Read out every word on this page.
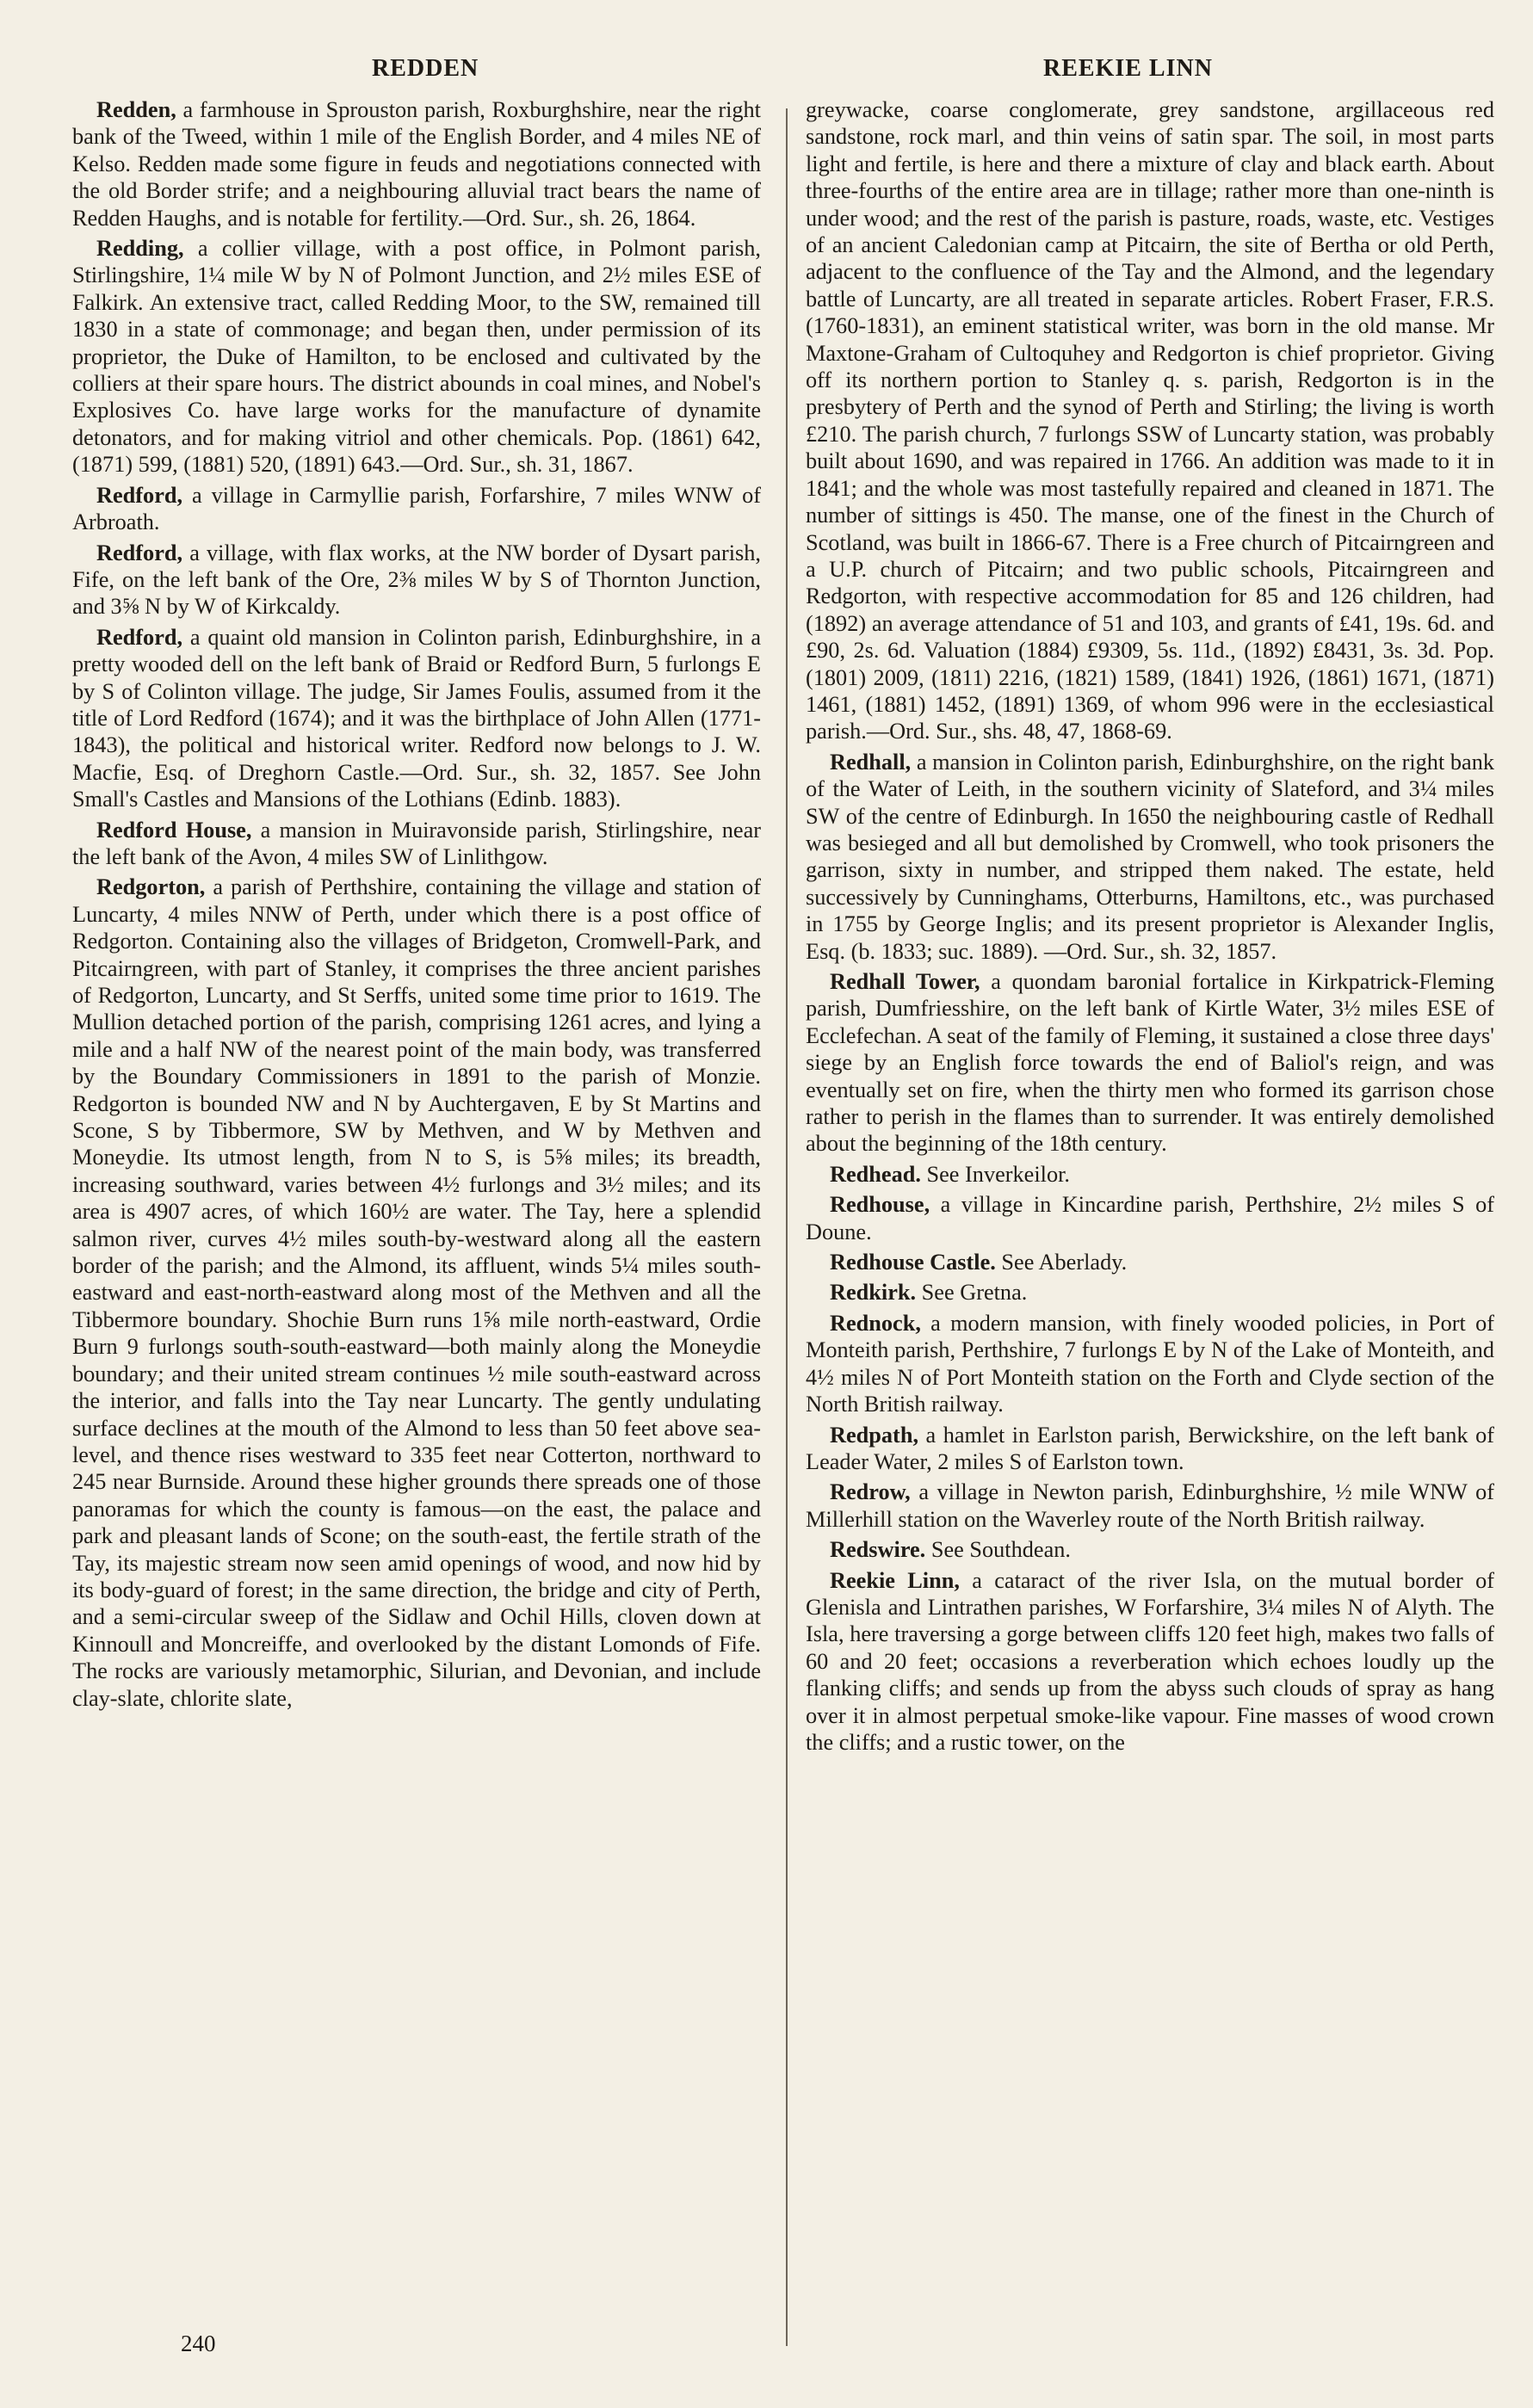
REDDEN	REEKIE LINN

Redden, a farmhouse in Sprouston parish, Roxburghshire, near the right bank of the Tweed, within 1 mile of the English Border, and 4 miles NE of Kelso. Redden made some figure in feuds and negotiations connected with the old Border strife; and a neighbouring alluvial tract bears the name of Redden Haughs, and is notable for fertility.—Ord. Sur., sh. 26, 1864.

Redding, a collier village, with a post office, in Polmont parish, Stirlingshire, 1¼ mile W by N of Polmont Junction, and 2½ miles ESE of Falkirk. An extensive tract, called Redding Moor, to the SW, remained till 1830 in a state of commonage; and began then, under permission of its proprietor, the Duke of Hamilton, to be enclosed and cultivated by the colliers at their spare hours. The district abounds in coal mines, and Nobel's Explosives Co. have large works for the manufacture of dynamite detonators, and for making vitriol and other chemicals. Pop. (1861) 642, (1871) 599, (1881) 520, (1891) 643.—Ord. Sur., sh. 31, 1867.

Redford, a village in Carmyllie parish, Forfarshire, 7 miles WNW of Arbroath.

Redford, a village, with flax works, at the NW border of Dysart parish, Fife, on the left bank of the Ore, 2⅜ miles W by S of Thornton Junction, and 3⅝ N by W of Kirkcaldy.

Redford, a quaint old mansion in Colinton parish, Edinburghshire, in a pretty wooded dell on the left bank of Braid or Redford Burn, 5 furlongs E by S of Colinton village. The judge, Sir James Foulis, assumed from it the title of Lord Redford (1674); and it was the birthplace of John Allen (1771-1843), the political and historical writer. Redford now belongs to J. W. Macfie, Esq. of Dreghorn Castle.—Ord. Sur., sh. 32, 1857. See John Small's Castles and Mansions of the Lothians (Edinb. 1883).

Redford House, a mansion in Muiravonside parish, Stirlingshire, near the left bank of the Avon, 4 miles SW of Linlithgow.

Redgorton, a parish of Perthshire, containing the village and station of Luncarty, 4 miles NNW of Perth, under which there is a post office of Redgorton. Containing also the villages of Bridgeton, Cromwell-Park, and Pitcairngreen, with part of Stanley, it comprises the three ancient parishes of Redgorton, Luncarty, and St Serffs, united some time prior to 1619. The Mullion detached portion of the parish, comprising 1261 acres, and lying a mile and a half NW of the nearest point of the main body, was transferred by the Boundary Commissioners in 1891 to the parish of Monzie. Redgorton is bounded NW and N by Auchtergaven, E by St Martins and Scone, S by Tibbermore, SW by Methven, and W by Methven and Moneydie. Its utmost length, from N to S, is 5⅝ miles; its breadth, increasing southward, varies between 4½ furlongs and 3½ miles; and its area is 4907 acres, of which 160½ are water. The Tay, here a splendid salmon river, curves 4½ miles south-by-westward along all the eastern border of the parish; and the Almond, its affluent, winds 5¼ miles south-eastward and east-north-eastward along most of the Methven and all the Tibbermore boundary. Shochie Burn runs 1⅝ mile north-eastward, Ordie Burn 9 furlongs south-south-eastward—both mainly along the Moneydie boundary; and their united stream continues ½ mile south-eastward across the interior, and falls into the Tay near Luncarty. The gently undulating surface declines at the mouth of the Almond to less than 50 feet above sea-level, and thence rises westward to 335 feet near Cotterton, northward to 245 near Burnside. Around these higher grounds there spreads one of those panoramas for which the county is famous—on the east, the palace and park and pleasant lands of Scone; on the south-east, the fertile strath of the Tay, its majestic stream now seen amid openings of wood, and now hid by its body-guard of forest; in the same direction, the bridge and city of Perth, and a semi-circular sweep of the Sidlaw and Ochil Hills, cloven down at Kinnoull and Moncreiffe, and overlooked by the distant Lomonds of Fife. The rocks are variously metamorphic, Silurian, and Devonian, and include clay-slate, chlorite slate,

greywacke, coarse conglomerate, grey sandstone, argillaceous red sandstone, rock marl, and thin veins of satin spar. The soil, in most parts light and fertile, is here and there a mixture of clay and black earth. About three-fourths of the entire area are in tillage; rather more than one-ninth is under wood; and the rest of the parish is pasture, roads, waste, etc. Vestiges of an ancient Caledonian camp at Pitcairn, the site of Bertha or old Perth, adjacent to the confluence of the Tay and the Almond, and the legendary battle of Luncarty, are all treated in separate articles. Robert Fraser, F.R.S. (1760-1831), an eminent statistical writer, was born in the old manse. Mr Maxtone-Graham of Cultoquhey and Redgorton is chief proprietor. Giving off its northern portion to Stanley q. s. parish, Redgorton is in the presbytery of Perth and the synod of Perth and Stirling; the living is worth £210. The parish church, 7 furlongs SSW of Luncarty station, was probably built about 1690, and was repaired in 1766. An addition was made to it in 1841; and the whole was most tastefully repaired and cleaned in 1871. The number of sittings is 450. The manse, one of the finest in the Church of Scotland, was built in 1866-67. There is a Free church of Pitcairngreen and a U.P. church of Pitcairn; and two public schools, Pitcairngreen and Redgorton, with respective accommodation for 85 and 126 children, had (1892) an average attendance of 51 and 103, and grants of £41, 19s. 6d. and £90, 2s. 6d. Valuation (1884) £9309, 5s. 11d., (1892) £8431, 3s. 3d. Pop. (1801) 2009, (1811) 2216, (1821) 1589, (1841) 1926, (1861) 1671, (1871) 1461, (1881) 1452, (1891) 1369, of whom 996 were in the ecclesiastical parish.—Ord. Sur., shs. 48, 47, 1868-69.

Redhall, a mansion in Colinton parish, Edinburghshire, on the right bank of the Water of Leith, in the southern vicinity of Slateford, and 3¼ miles SW of the centre of Edinburgh. In 1650 the neighbouring castle of Redhall was besieged and all but demolished by Cromwell, who took prisoners the garrison, sixty in number, and stripped them naked. The estate, held successively by Cunninghams, Otterburns, Hamiltons, etc., was purchased in 1755 by George Inglis; and its present proprietor is Alexander Inglis, Esq. (b. 1833; suc. 1889). —Ord. Sur., sh. 32, 1857.

Redhall Tower, a quondam baronial fortalice in Kirkpatrick-Fleming parish, Dumfriesshire, on the left bank of Kirtle Water, 3½ miles ESE of Ecclefechan. A seat of the family of Fleming, it sustained a close three days' siege by an English force towards the end of Baliol's reign, and was eventually set on fire, when the thirty men who formed its garrison chose rather to perish in the flames than to surrender. It was entirely demolished about the beginning of the 18th century.

Redhead. See Inverkeilor.

Redhouse, a village in Kincardine parish, Perthshire, 2½ miles S of Doune.

Redhouse Castle. See Aberlady.

Redkirk. See Gretna.

Rednock, a modern mansion, with finely wooded policies, in Port of Monteith parish, Perthshire, 7 furlongs E by N of the Lake of Monteith, and 4½ miles N of Port Monteith station on the Forth and Clyde section of the North British railway.

Redpath, a hamlet in Earlston parish, Berwickshire, on the left bank of Leader Water, 2 miles S of Earlston town.

Redrow, a village in Newton parish, Edinburghshire, ½ mile WNW of Millerhill station on the Waverley route of the North British railway.

Redswire. See Southdean.

Reekie Linn, a cataract of the river Isla, on the mutual border of Glenisla and Lintrathen parishes, W Forfarshire, 3¼ miles N of Alyth. The Isla, here traversing a gorge between cliffs 120 feet high, makes two falls of 60 and 20 feet; occasions a reverberation which echoes loudly up the flanking cliffs; and sends up from the abyss such clouds of spray as hang over it in almost perpetual smoke-like vapour. Fine masses of wood crown the cliffs; and a rustic tower, on the

240
